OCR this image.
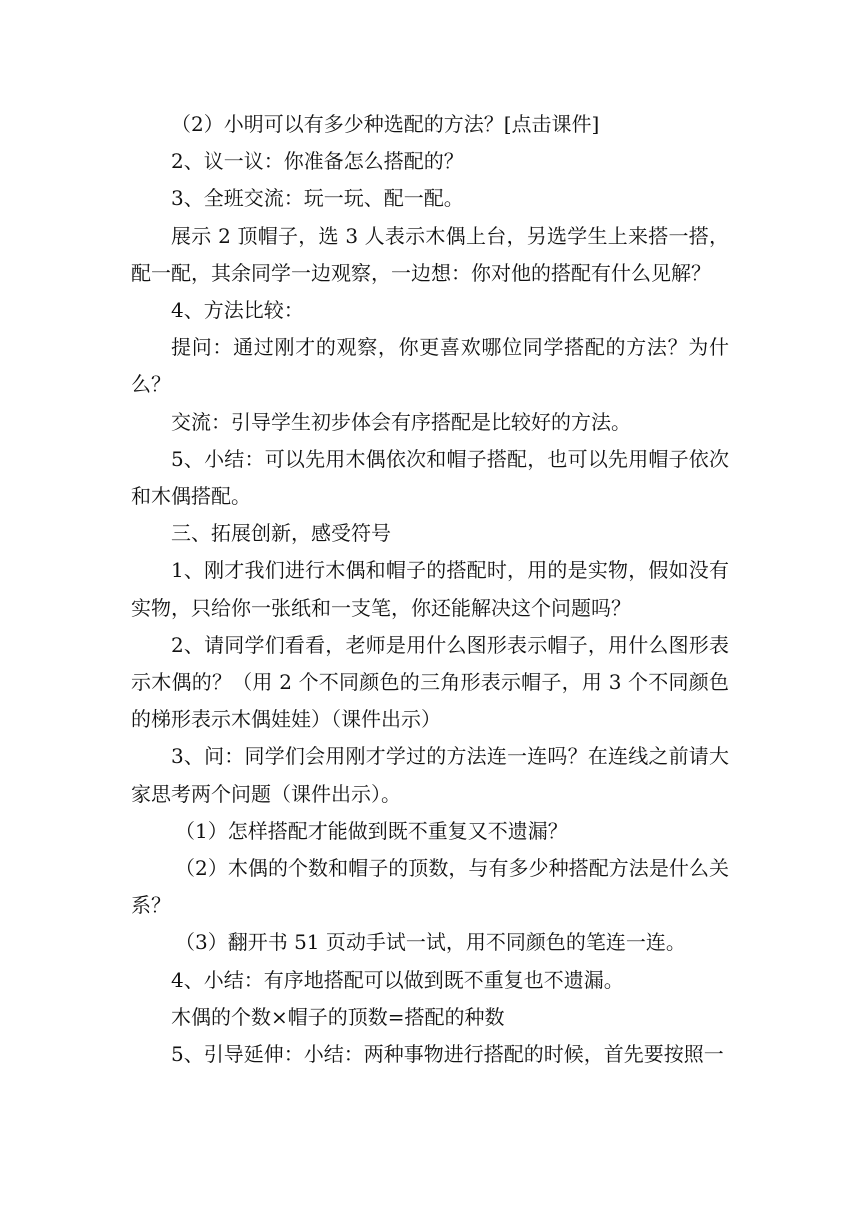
（2）小明可以有多少种选配的方法？[点击课件]

2、议一议：你准备怎么搭配的？

3、全班交流：玩一玩、配一配。

展示 2 顶帽子，选 3 人表示木偶上台，另选学生上来搭一搭，配一配，其余同学一边观察，一边想：你对他的搭配有什么见解？

4、方法比较：

提问：通过刚才的观察，你更喜欢哪位同学搭配的方法？为什么？

交流：引导学生初步体会有序搭配是比较好的方法。

5、小结：可以先用木偶依次和帽子搭配，也可以先用帽子依次和木偶搭配。

三、拓展创新，感受符号

1、刚才我们进行木偶和帽子的搭配时，用的是实物，假如没有实物，只给你一张纸和一支笔，你还能解决这个问题吗？

2、请同学们看看，老师是用什么图形表示帽子，用什么图形表示木偶的？（用 2 个不同颜色的三角形表示帽子，用 3 个不同颜色的梯形表示木偶娃娃）（课件出示）

3、问：同学们会用刚才学过的方法连一连吗？在连线之前请大家思考两个问题（课件出示）。

（1）怎样搭配才能做到既不重复又不遗漏？

（2）木偶的个数和帽子的顶数，与有多少种搭配方法是什么关系？

（3）翻开书 51 页动手试一试，用不同颜色的笔连一连。

4、小结：有序地搭配可以做到既不重复也不遗漏。

木偶的个数×帽子的顶数=搭配的种数

5、引导延伸：小结：两种事物进行搭配的时候，首先要按照一
